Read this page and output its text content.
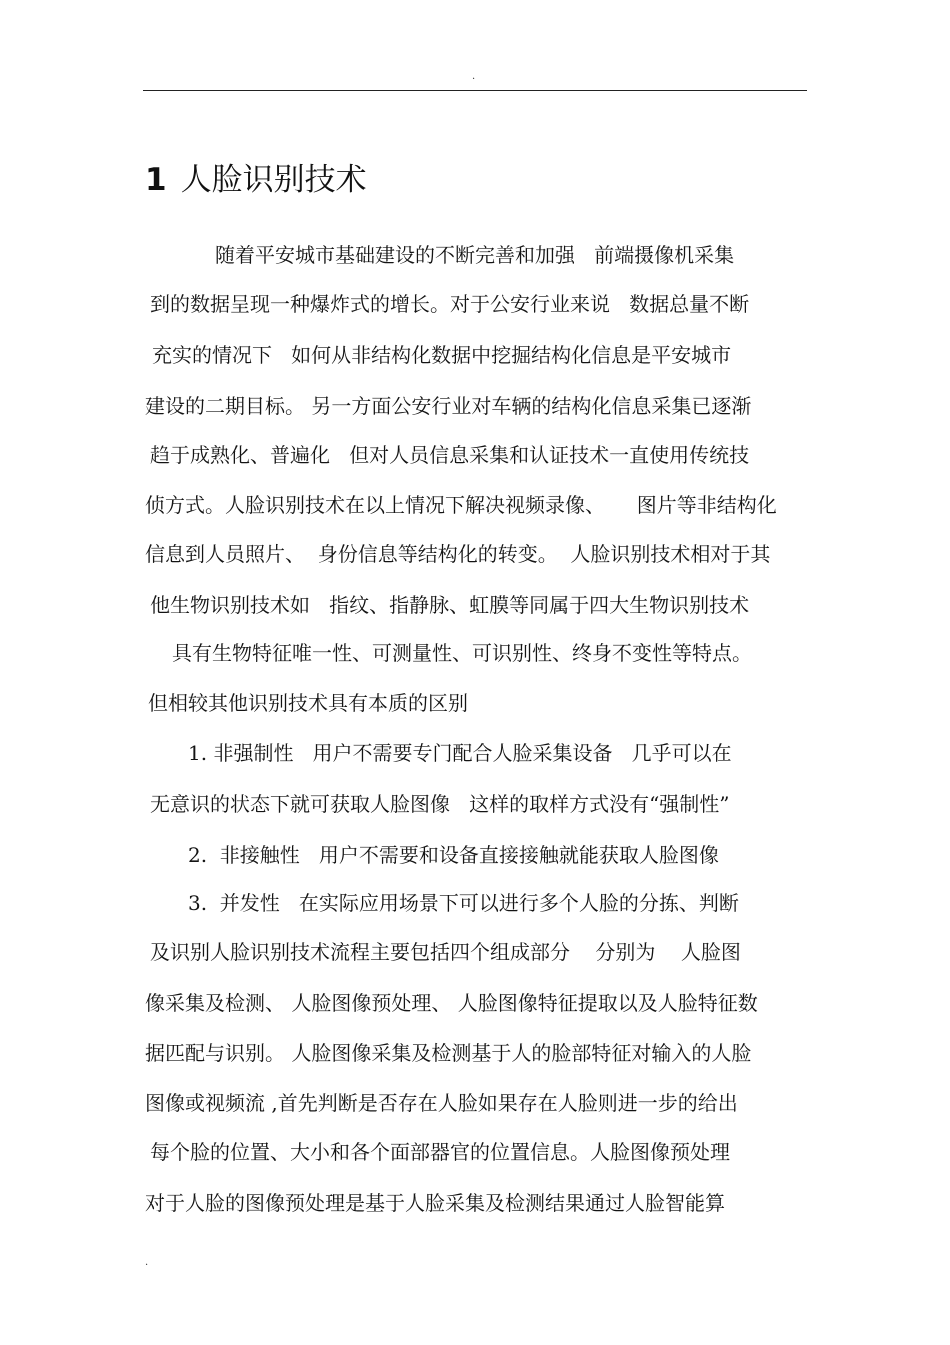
.
1 人脸识别技术
随着平安城市基础建设的不断完善和加强   前端摄像机采集
到的数据呈现一种爆炸式的增长。对于公安行业来说   数据总量不断
充实的情况下   如何从非结构化数据中挖掘结构化信息是平安城市
建设的二期目标。 另一方面公安行业对车辆的结构化信息采集已逐渐
趋于成熟化、普遍化   但对人员信息采集和认证技术一直使用传统技
侦方式。人脸识别技术在以上情况下解决视频录像、     图片等非结构化
信息到人员照片、  身份信息等结构化的转变。  人脸识别技术相对于其
他生物识别技术如   指纹、指静脉、虹膜等同属于四大生物识别技术
具有生物特征唯一性、可测量性、可识别性、终身不变性等特点。
但相较其他识别技术具有本质的区别
1. 非强制性   用户不需要专门配合人脸采集设备   几乎可以在
无意识的状态下就可获取人脸图像   这样的取样方式没有“强制性”
2.  非接触性   用户不需要和设备直接接触就能获取人脸图像
3.  并发性   在实际应用场景下可以进行多个人脸的分拣、判断
及识别人脸识别技术流程主要包括四个组成部分    分别为    人脸图
像采集及检测、 人脸图像预处理、 人脸图像特征提取以及人脸特征数
据匹配与识别。 人脸图像采集及检测基于人的脸部特征对输入的人脸
图像或视频流 ,首先判断是否存在人脸如果存在人脸则进一步的给出
每个脸的位置、大小和各个面部器官的位置信息。人脸图像预处理
对于人脸的图像预处理是基于人脸采集及检测结果通过人脸智能算
.
